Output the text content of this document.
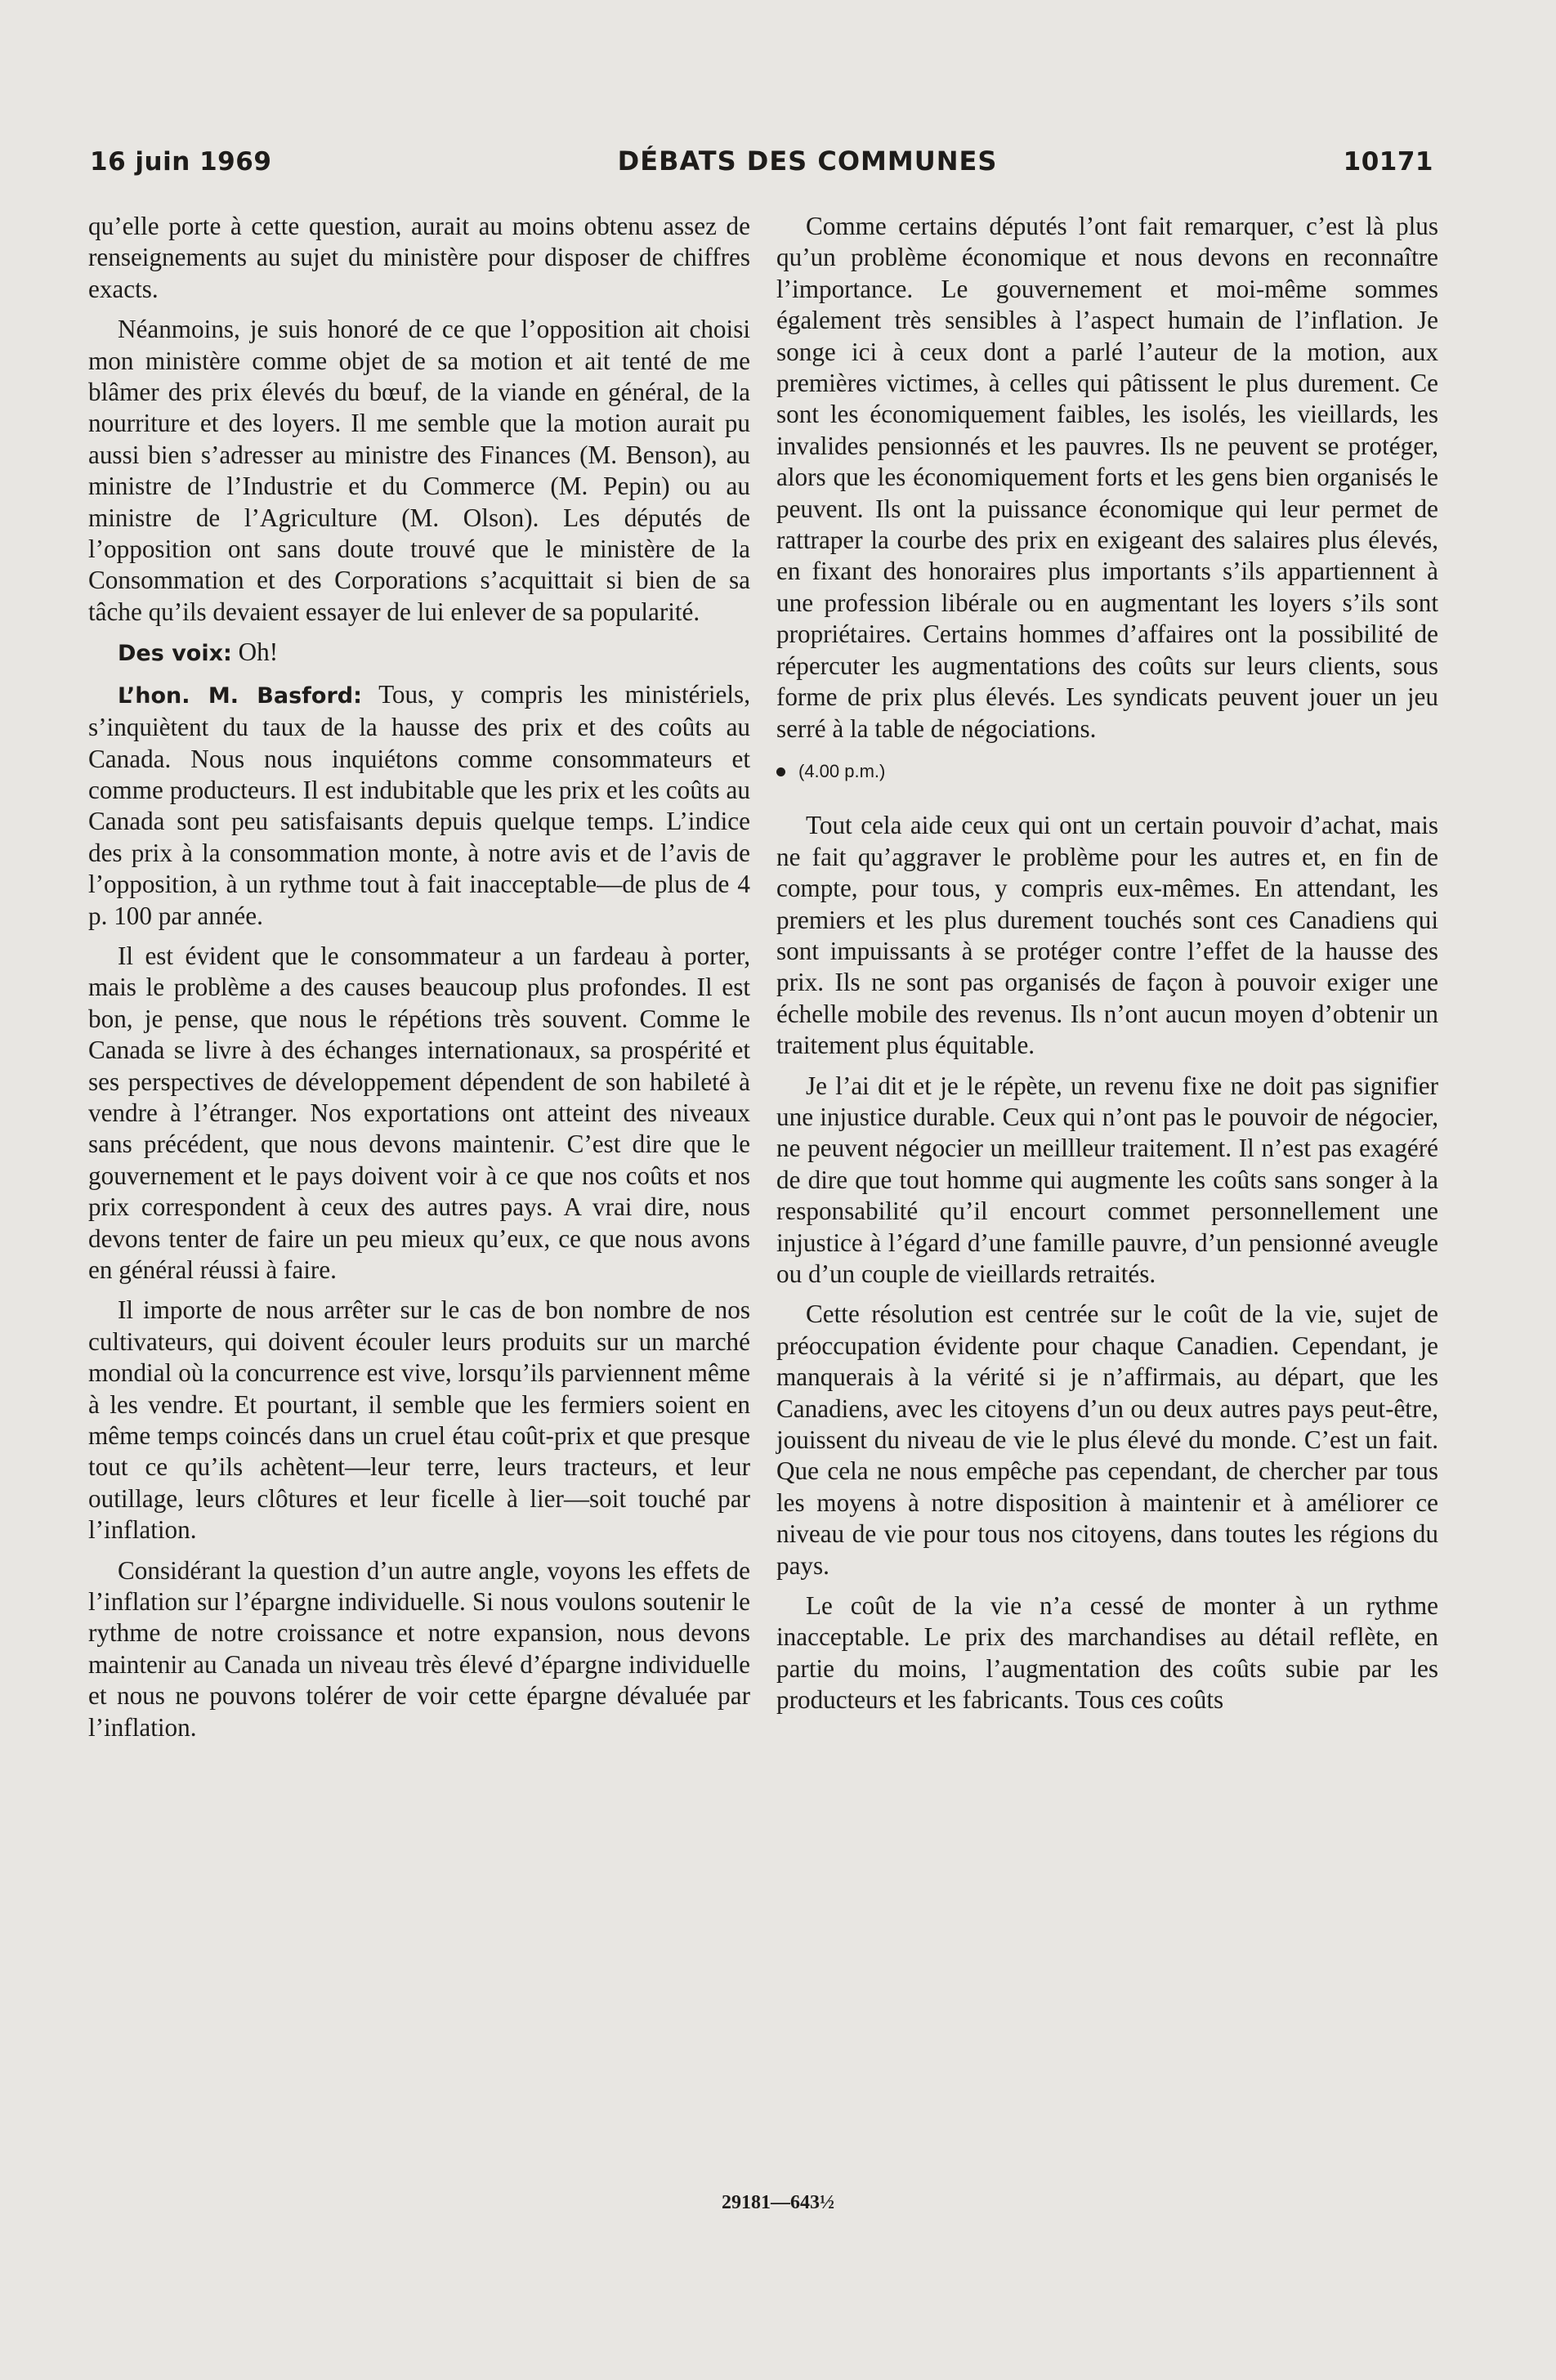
16 juin 1969	DÉBATS DES COMMUNES	10171

qu’elle porte à cette question, aurait au moins obtenu assez de renseignements au sujet du ministère pour disposer de chiffres exacts.

Néanmoins, je suis honoré de ce que l’opposition ait choisi mon ministère comme objet de sa motion et ait tenté de me blâmer des prix élevés du bœuf, de la viande en général, de la nourriture et des loyers. Il me semble que la motion aurait pu aussi bien s’adresser au ministre des Finances (M. Benson), au ministre de l’Industrie et du Commerce (M. Pepin) ou au ministre de l’Agriculture (M. Olson). Les députés de l’opposition ont sans doute trouvé que le ministère de la Consommation et des Corporations s’acquittait si bien de sa tâche qu’ils devaient essayer de lui enlever de sa popularité.

Des voix: Oh!

L’hon. M. Basford: Tous, y compris les ministériels, s’inquiètent du taux de la hausse des prix et des coûts au Canada. Nous nous inquiétons comme consommateurs et comme producteurs. Il est indubitable que les prix et les coûts au Canada sont peu satisfaisants depuis quelque temps. L’indice des prix à la consommation monte, à notre avis et de l’avis de l’opposition, à un rythme tout à fait inacceptable—de plus de 4 p. 100 par année.

Il est évident que le consommateur a un fardeau à porter, mais le problème a des causes beaucoup plus profondes. Il est bon, je pense, que nous le répétions très souvent. Comme le Canada se livre à des échanges internationaux, sa prospérité et ses perspectives de développement dépendent de son habileté à vendre à l’étranger. Nos exportations ont atteint des niveaux sans précédent, que nous devons maintenir. C’est dire que le gouvernement et le pays doivent voir à ce que nos coûts et nos prix correspondent à ceux des autres pays. A vrai dire, nous devons tenter de faire un peu mieux qu’eux, ce que nous avons en général réussi à faire.

Il importe de nous arrêter sur le cas de bon nombre de nos cultivateurs, qui doivent écouler leurs produits sur un marché mondial où la concurrence est vive, lorsqu’ils parviennent même à les vendre. Et pourtant, il semble que les fermiers soient en même temps coincés dans un cruel étau coût-prix et que presque tout ce qu’ils achètent—leur terre, leurs tracteurs, et leur outillage, leurs clôtures et leur ficelle à lier—soit touché par l’inflation.

Considérant la question d’un autre angle, voyons les effets de l’inflation sur l’épargne individuelle. Si nous voulons soutenir le rythme de notre croissance et notre expansion, nous devons maintenir au Canada un niveau très élevé d’épargne individuelle et nous ne pouvons tolérer de voir cette épargne dévaluée par l’inflation.

Comme certains députés l’ont fait remarquer, c’est là plus qu’un problème économique et nous devons en reconnaître l’importance. Le gouvernement et moi-même sommes également très sensibles à l’aspect humain de l’inflation. Je songe ici à ceux dont a parlé l’auteur de la motion, aux premières victimes, à celles qui pâtissent le plus durement. Ce sont les économiquement faibles, les isolés, les vieillards, les invalides pensionnés et les pauvres. Ils ne peuvent se protéger, alors que les économiquement forts et les gens bien organisés le peuvent. Ils ont la puissance économique qui leur permet de rattraper la courbe des prix en exigeant des salaires plus élevés, en fixant des honoraires plus importants s’ils appartiennent à une profession libérale ou en augmentant les loyers s’ils sont propriétaires. Certains hommes d’affaires ont la possibilité de répercuter les augmentations des coûts sur leurs clients, sous forme de prix plus élevés. Les syndicats peuvent jouer un jeu serré à la table de négociations.

(4.00 p.m.)

Tout cela aide ceux qui ont un certain pouvoir d’achat, mais ne fait qu’aggraver le problème pour les autres et, en fin de compte, pour tous, y compris eux-mêmes. En attendant, les premiers et les plus durement touchés sont ces Canadiens qui sont impuissants à se protéger contre l’effet de la hausse des prix. Ils ne sont pas organisés de façon à pouvoir exiger une échelle mobile des revenus. Ils n’ont aucun moyen d’obtenir un traitement plus équitable.

Je l’ai dit et je le répète, un revenu fixe ne doit pas signifier une injustice durable. Ceux qui n’ont pas le pouvoir de négocier, ne peuvent négocier un meillleur traitement. Il n’est pas exagéré de dire que tout homme qui augmente les coûts sans songer à la responsabilité qu’il encourt commet personnellement une injustice à l’égard d’une famille pauvre, d’un pensionné aveugle ou d’un couple de vieillards retraités.

Cette résolution est centrée sur le coût de la vie, sujet de préoccupation évidente pour chaque Canadien. Cependant, je manquerais à la vérité si je n’affirmais, au départ, que les Canadiens, avec les citoyens d’un ou deux autres pays peut-être, jouissent du niveau de vie le plus élevé du monde. C’est un fait. Que cela ne nous empêche pas cependant, de chercher par tous les moyens à notre disposition à maintenir et à améliorer ce niveau de vie pour tous nos citoyens, dans toutes les régions du pays.

Le coût de la vie n’a cessé de monter à un rythme inacceptable. Le prix des marchandises au détail reflète, en partie du moins, l’augmentation des coûts subie par les producteurs et les fabricants. Tous ces coûts

29181—643½
